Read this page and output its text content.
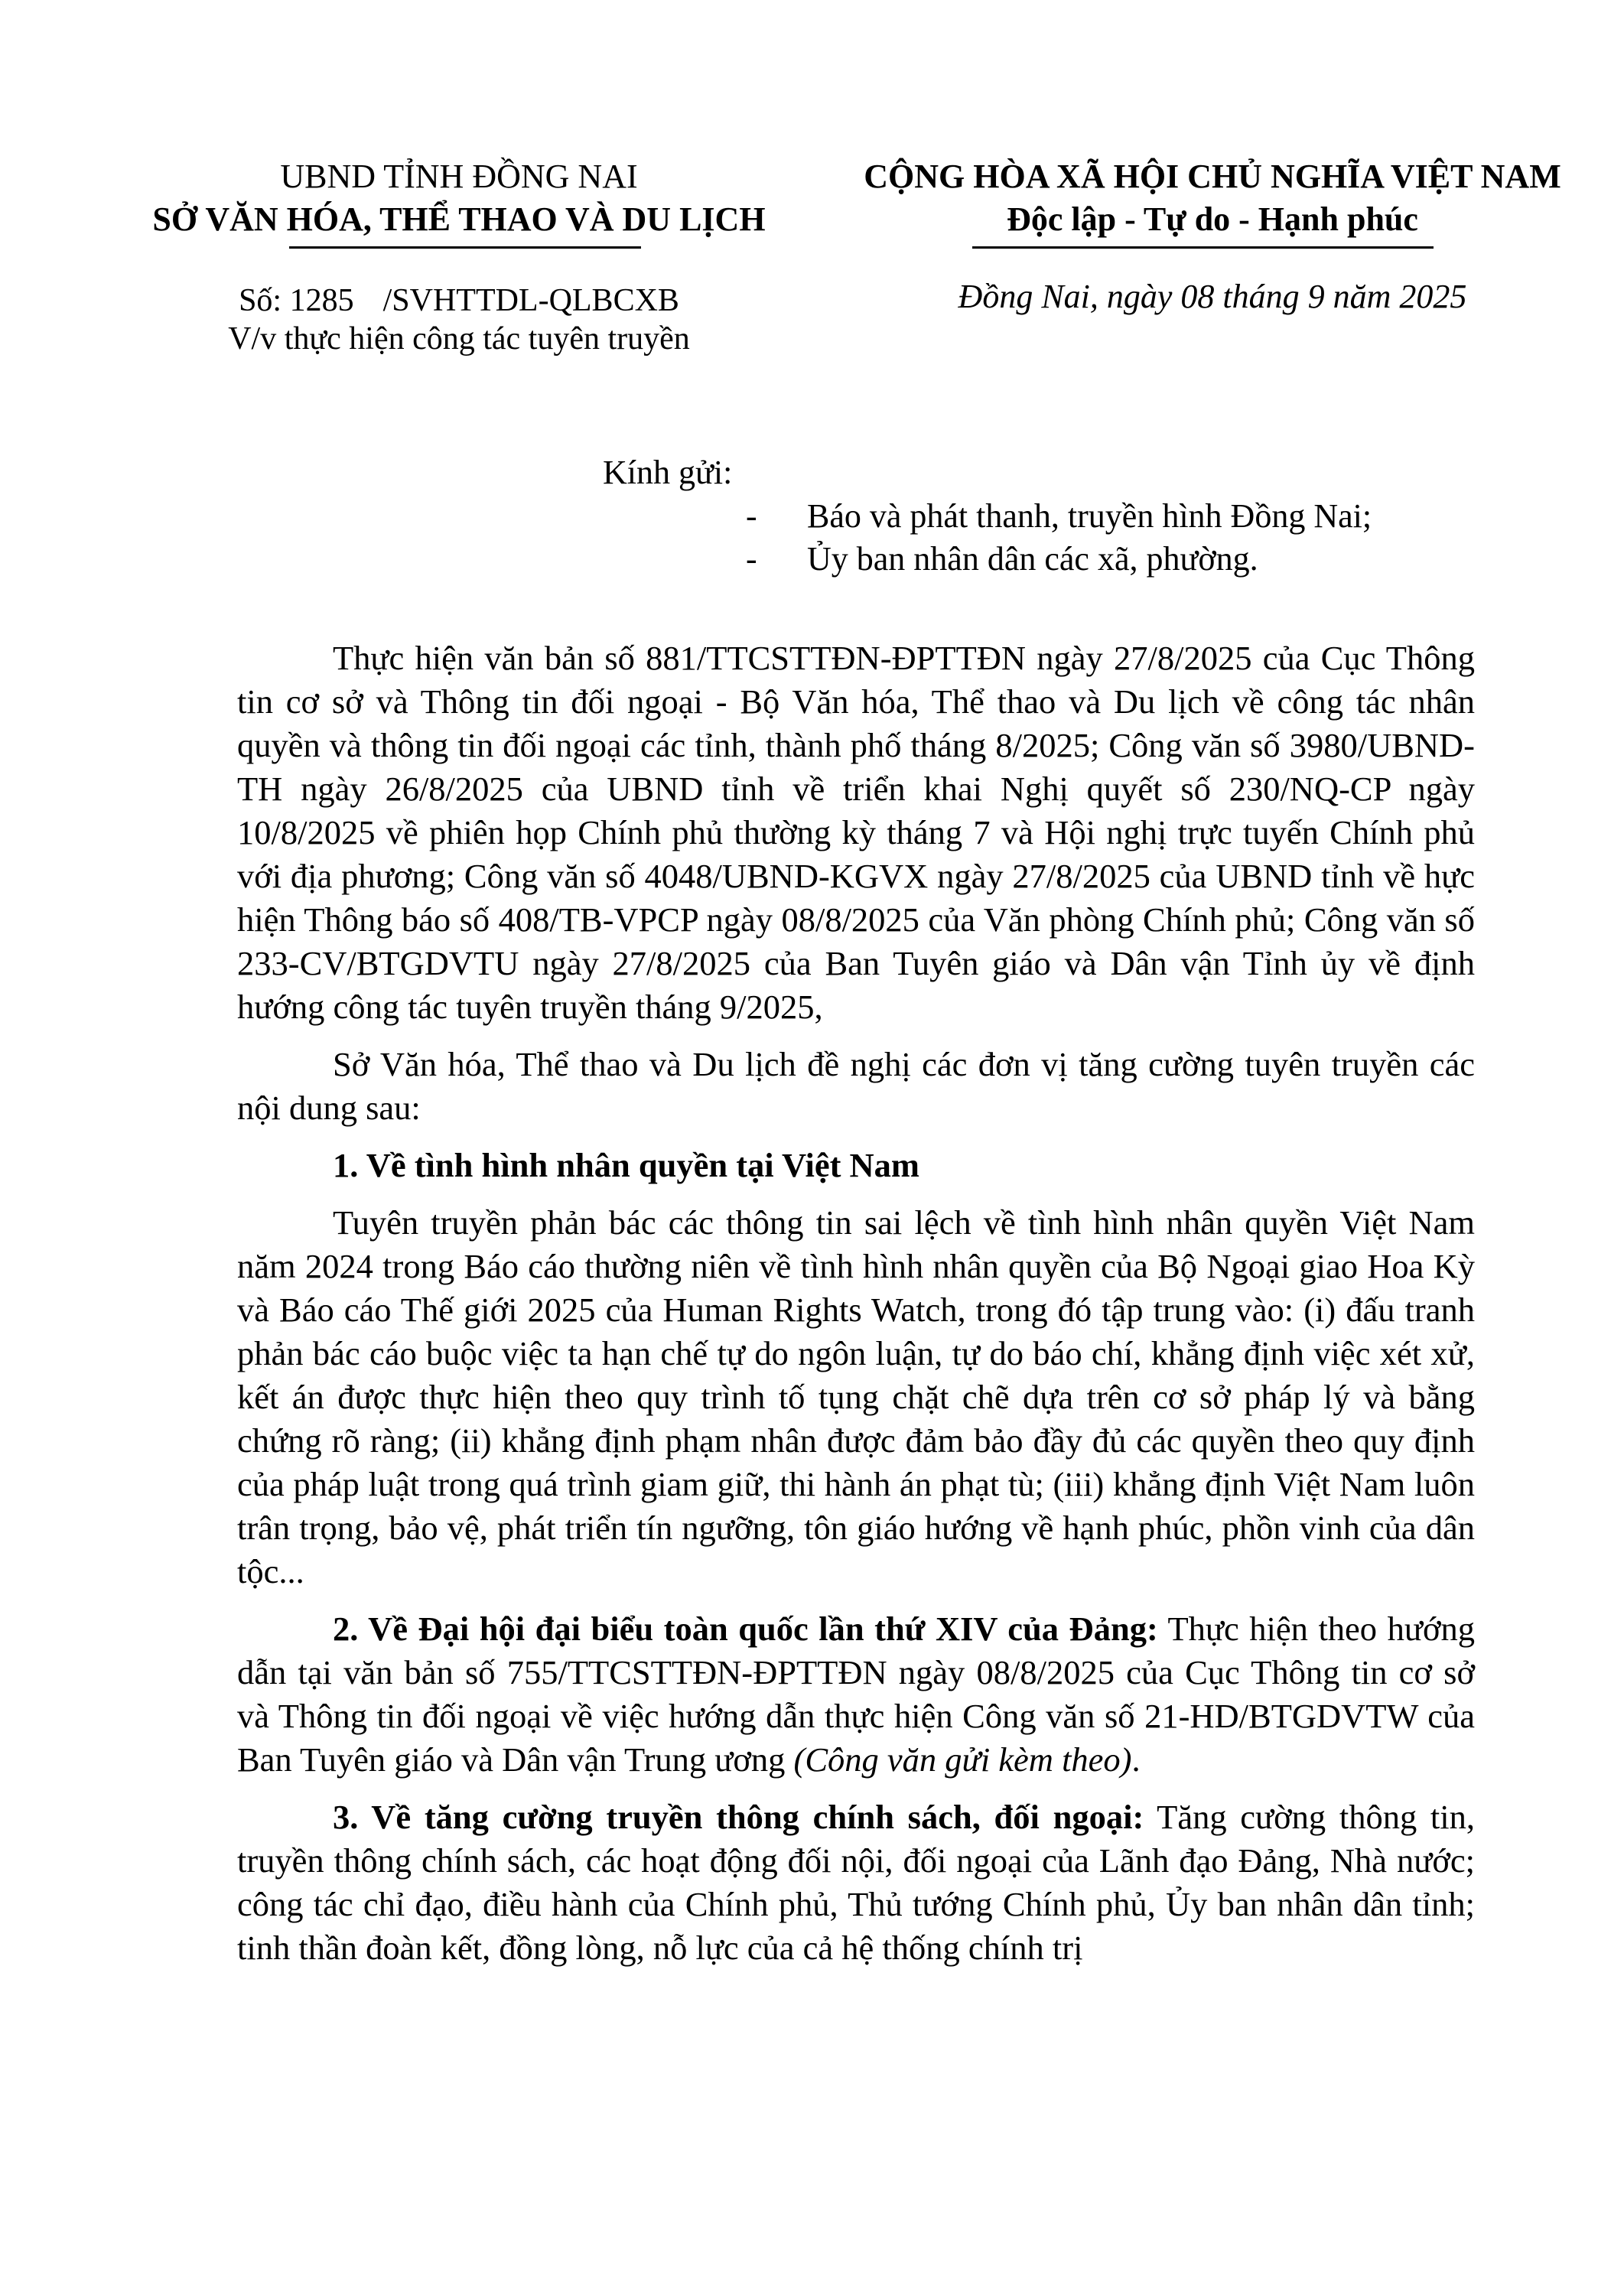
UBND TỈNH ĐỒNG NAI
SỞ VĂN HÓA, THỂ THAO VÀ DU LỊCH
Số: 1285 /SVHTTDL-QLBCXB
V/v thực hiện công tác tuyên truyền
CỘNG HÒA XÃ HỘI CHỦ NGHĨA VIỆT NAM
Độc lập - Tự do - Hạnh phúc
Đồng Nai, ngày 08 tháng 9 năm 2025
Kính gửi:
- Báo và phát thanh, truyền hình Đồng Nai;
- Ủy ban nhân dân các xã, phường.

Thực hiện văn bản số 881/TTCSTTĐN-ĐPTTĐN ngày 27/8/2025 của Cục Thông tin cơ sở và Thông tin đối ngoại - Bộ Văn hóa, Thể thao và Du lịch về công tác nhân quyền và thông tin đối ngoại các tỉnh, thành phố tháng 8/2025; Công văn số 3980/UBND-TH ngày 26/8/2025 của UBND tỉnh về triển khai Nghị quyết số 230/NQ-CP ngày 10/8/2025 về phiên họp Chính phủ thường kỳ tháng 7 và Hội nghị trực tuyến Chính phủ với địa phương; Công văn số 4048/UBND-KGVX ngày 27/8/2025 của UBND tỉnh về hực hiện Thông báo số 408/TB-VPCP ngày 08/8/2025 của Văn phòng Chính phủ; Công văn số 233-CV/BTGDVTU ngày 27/8/2025 của Ban Tuyên giáo và Dân vận Tỉnh ủy về định hướng công tác tuyên truyền tháng 9/2025,

Sở Văn hóa, Thể thao và Du lịch đề nghị các đơn vị tăng cường tuyên truyền các nội dung sau:

1. Về tình hình nhân quyền tại Việt Nam

Tuyên truyền phản bác các thông tin sai lệch về tình hình nhân quyền Việt Nam năm 2024 trong Báo cáo thường niên về tình hình nhân quyền của Bộ Ngoại giao Hoa Kỳ và Báo cáo Thế giới 2025 của Human Rights Watch, trong đó tập trung vào: (i) đấu tranh phản bác cáo buộc việc ta hạn chế tự do ngôn luận, tự do báo chí, khẳng định việc xét xử, kết án được thực hiện theo quy trình tố tụng chặt chẽ dựa trên cơ sở pháp lý và bằng chứng rõ ràng; (ii) khẳng định phạm nhân được đảm bảo đầy đủ các quyền theo quy định của pháp luật trong quá trình giam giữ, thi hành án phạt tù; (iii) khẳng định Việt Nam luôn trân trọng, bảo vệ, phát triển tín ngưỡng, tôn giáo hướng về hạnh phúc, phồn vinh của dân tộc...

2. Về Đại hội đại biểu toàn quốc lần thứ XIV của Đảng: Thực hiện theo hướng dẫn tại văn bản số 755/TTCSTTĐN-ĐPTTĐN ngày 08/8/2025 của Cục Thông tin cơ sở và Thông tin đối ngoại về việc hướng dẫn thực hiện Công văn số 21-HD/BTGDVTW của Ban Tuyên giáo và Dân vận Trung ương (Công văn gửi kèm theo).

3. Về tăng cường truyền thông chính sách, đối ngoại: Tăng cường thông tin, truyền thông chính sách, các hoạt động đối nội, đối ngoại của Lãnh đạo Đảng, Nhà nước; công tác chỉ đạo, điều hành của Chính phủ, Thủ tướng Chính phủ, Ủy ban nhân dân tỉnh; tinh thần đoàn kết, đồng lòng, nỗ lực của cả hệ thống chính trị
